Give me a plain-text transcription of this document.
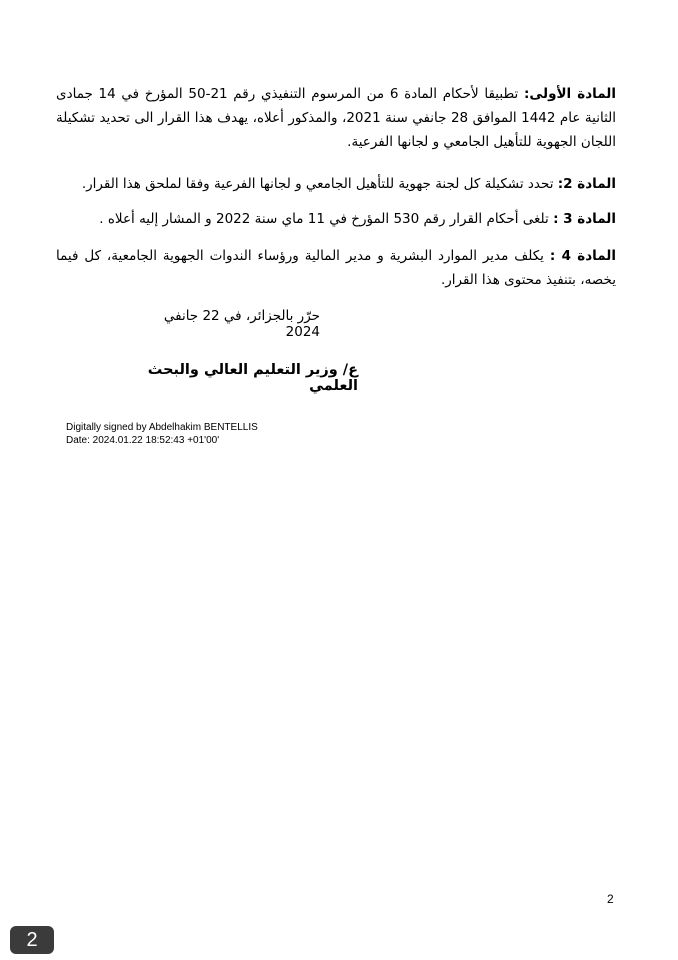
المادة الأولى: تطبيقا لأحكام المادة 6 من المرسوم التنفيذي رقم 21-50 المؤرخ في 14 جمادى الثانية عام 1442 الموافق 28 جانفي سنة 2021، والمذكور أعلاه، يهدف هذا القرار الى تحديد تشكيلة اللجان الجهوية للتأهيل الجامعي و لجانها الفرعية.

المادة 2: تحدد تشكيلة كل لجنة جهوية للتأهيل الجامعي و لجانها الفرعية وفقا لملحق هذا القرار.

المادة 3 : تلغى أحكام القرار رقم 530 المؤرخ في 11 ماي سنة 2022 و المشار إليه أعلاه .

المادة 4 : يكلف مدير الموارد البشرية و مدير المالية ورؤساء الندوات الجهوية الجامعية، كل فيما يخصه، بتنفيذ محتوى هذا القرار.

حرّر بالجزائر، في 22 جانفي 2024
ع/ وزير التعليم العالي والبحث العلمي
Digitally signed by Abdelhakim BENTELLIS
Date: 2024.01.22 18:52:43 +01'00'
2
2
